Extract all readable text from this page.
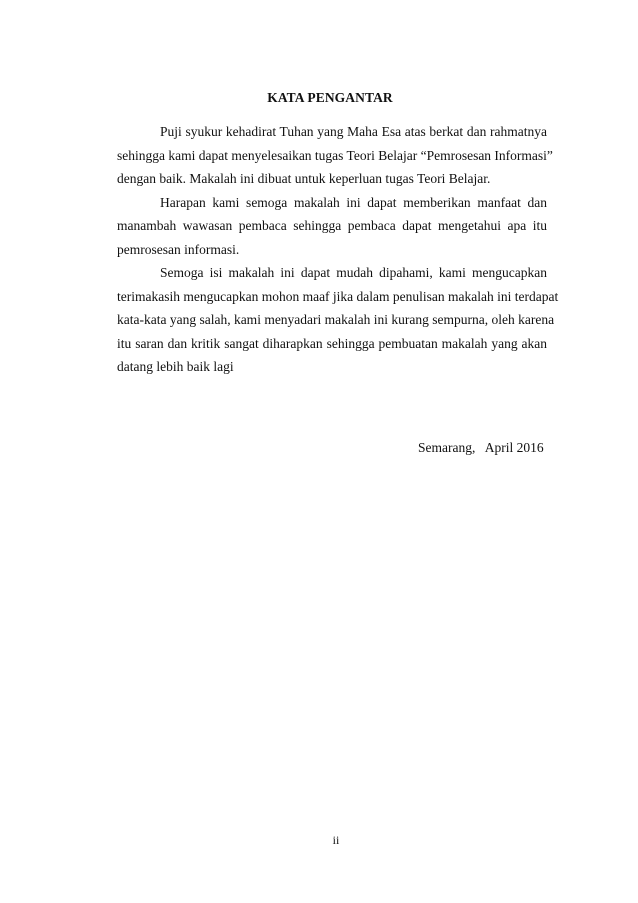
KATA PENGANTAR
Puji syukur kehadirat Tuhan yang Maha Esa atas berkat dan rahmatnya
sehingga kami dapat menyelesaikan tugas Teori Belajar “Pemrosesan Informasi”
dengan baik. Makalah ini dibuat untuk keperluan tugas Teori Belajar.
Harapan kami semoga makalah ini dapat memberikan manfaat dan
manambah wawasan pembaca sehingga pembaca dapat mengetahui apa itu
pemrosesan informasi.
Semoga isi makalah ini dapat mudah dipahami, kami mengucapkan
terimakasih mengucapkan mohon maaf jika dalam penulisan makalah ini terdapat
kata-kata yang salah, kami menyadari makalah ini kurang sempurna, oleh karena
itu saran dan kritik sangat diharapkan sehingga pembuatan makalah yang akan
datang lebih baik lagi
Semarang,   April 2016
ii
